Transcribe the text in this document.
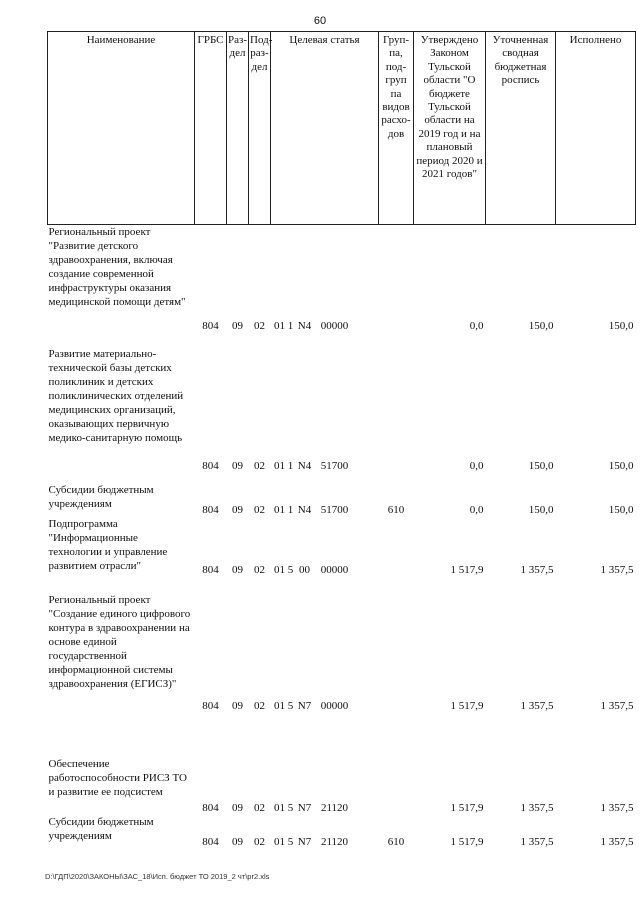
60
Наименование	ГРБС	Раз-дел	Под-раз-дел	Целевая статья	Груп-па, под-груп па видов расхо-дов	Утверждено Законом Тульской области "О бюджете Тульской области на 2019 год и на плановый период 2020 и 2021 годов"	Уточненная сводная бюджетная роспись	Исполнено
Региональный проект "Развитие детского здравоохранения, включая создание современной инфраструктуры оказания медицинской помощи детям"	804	09	02	01 1 N4 00000		0,0	150,0	150,0

Развитие материально-технической базы детских поликлиник и детских поликлинических отделений медицинских организаций, оказывающих первичную медико-санитарную помощь	804	09	02	01 1 N4 51700		0,0	150,0	150,0

Субсидии бюджетным учреждениям	804	09	02	01 1 N4 51700	610	0,0	150,0	150,0
Подпрограмма "Информационные технологии и управление развитием отрасли"	804	09	02	01 5 00 00000		1 517,9	1 357,5	1 357,5

Региональный проект "Создание единого цифрового контура в здравоохранении на основе единой государственной информационной системы здравоохранения (ЕГИСЗ)"	804	09	02	01 5 N7 00000		1 517,9	1 357,5	1 357,5

Обеспечение работоспособности РИСЗ ТО и развитие ее подсистем	804	09	02	01 5 N7 21120		1 517,9	1 357,5	1 357,5
Субсидии бюджетным учреждениям	804	09	02	01 5 N7 21120	610	1 517,9	1 357,5	1 357,5
D:\ГДП\2020\ЗАКОНЫ\ЗАС_18\Исп. бюджет ТО 2019_2 чт\pr2.xls
